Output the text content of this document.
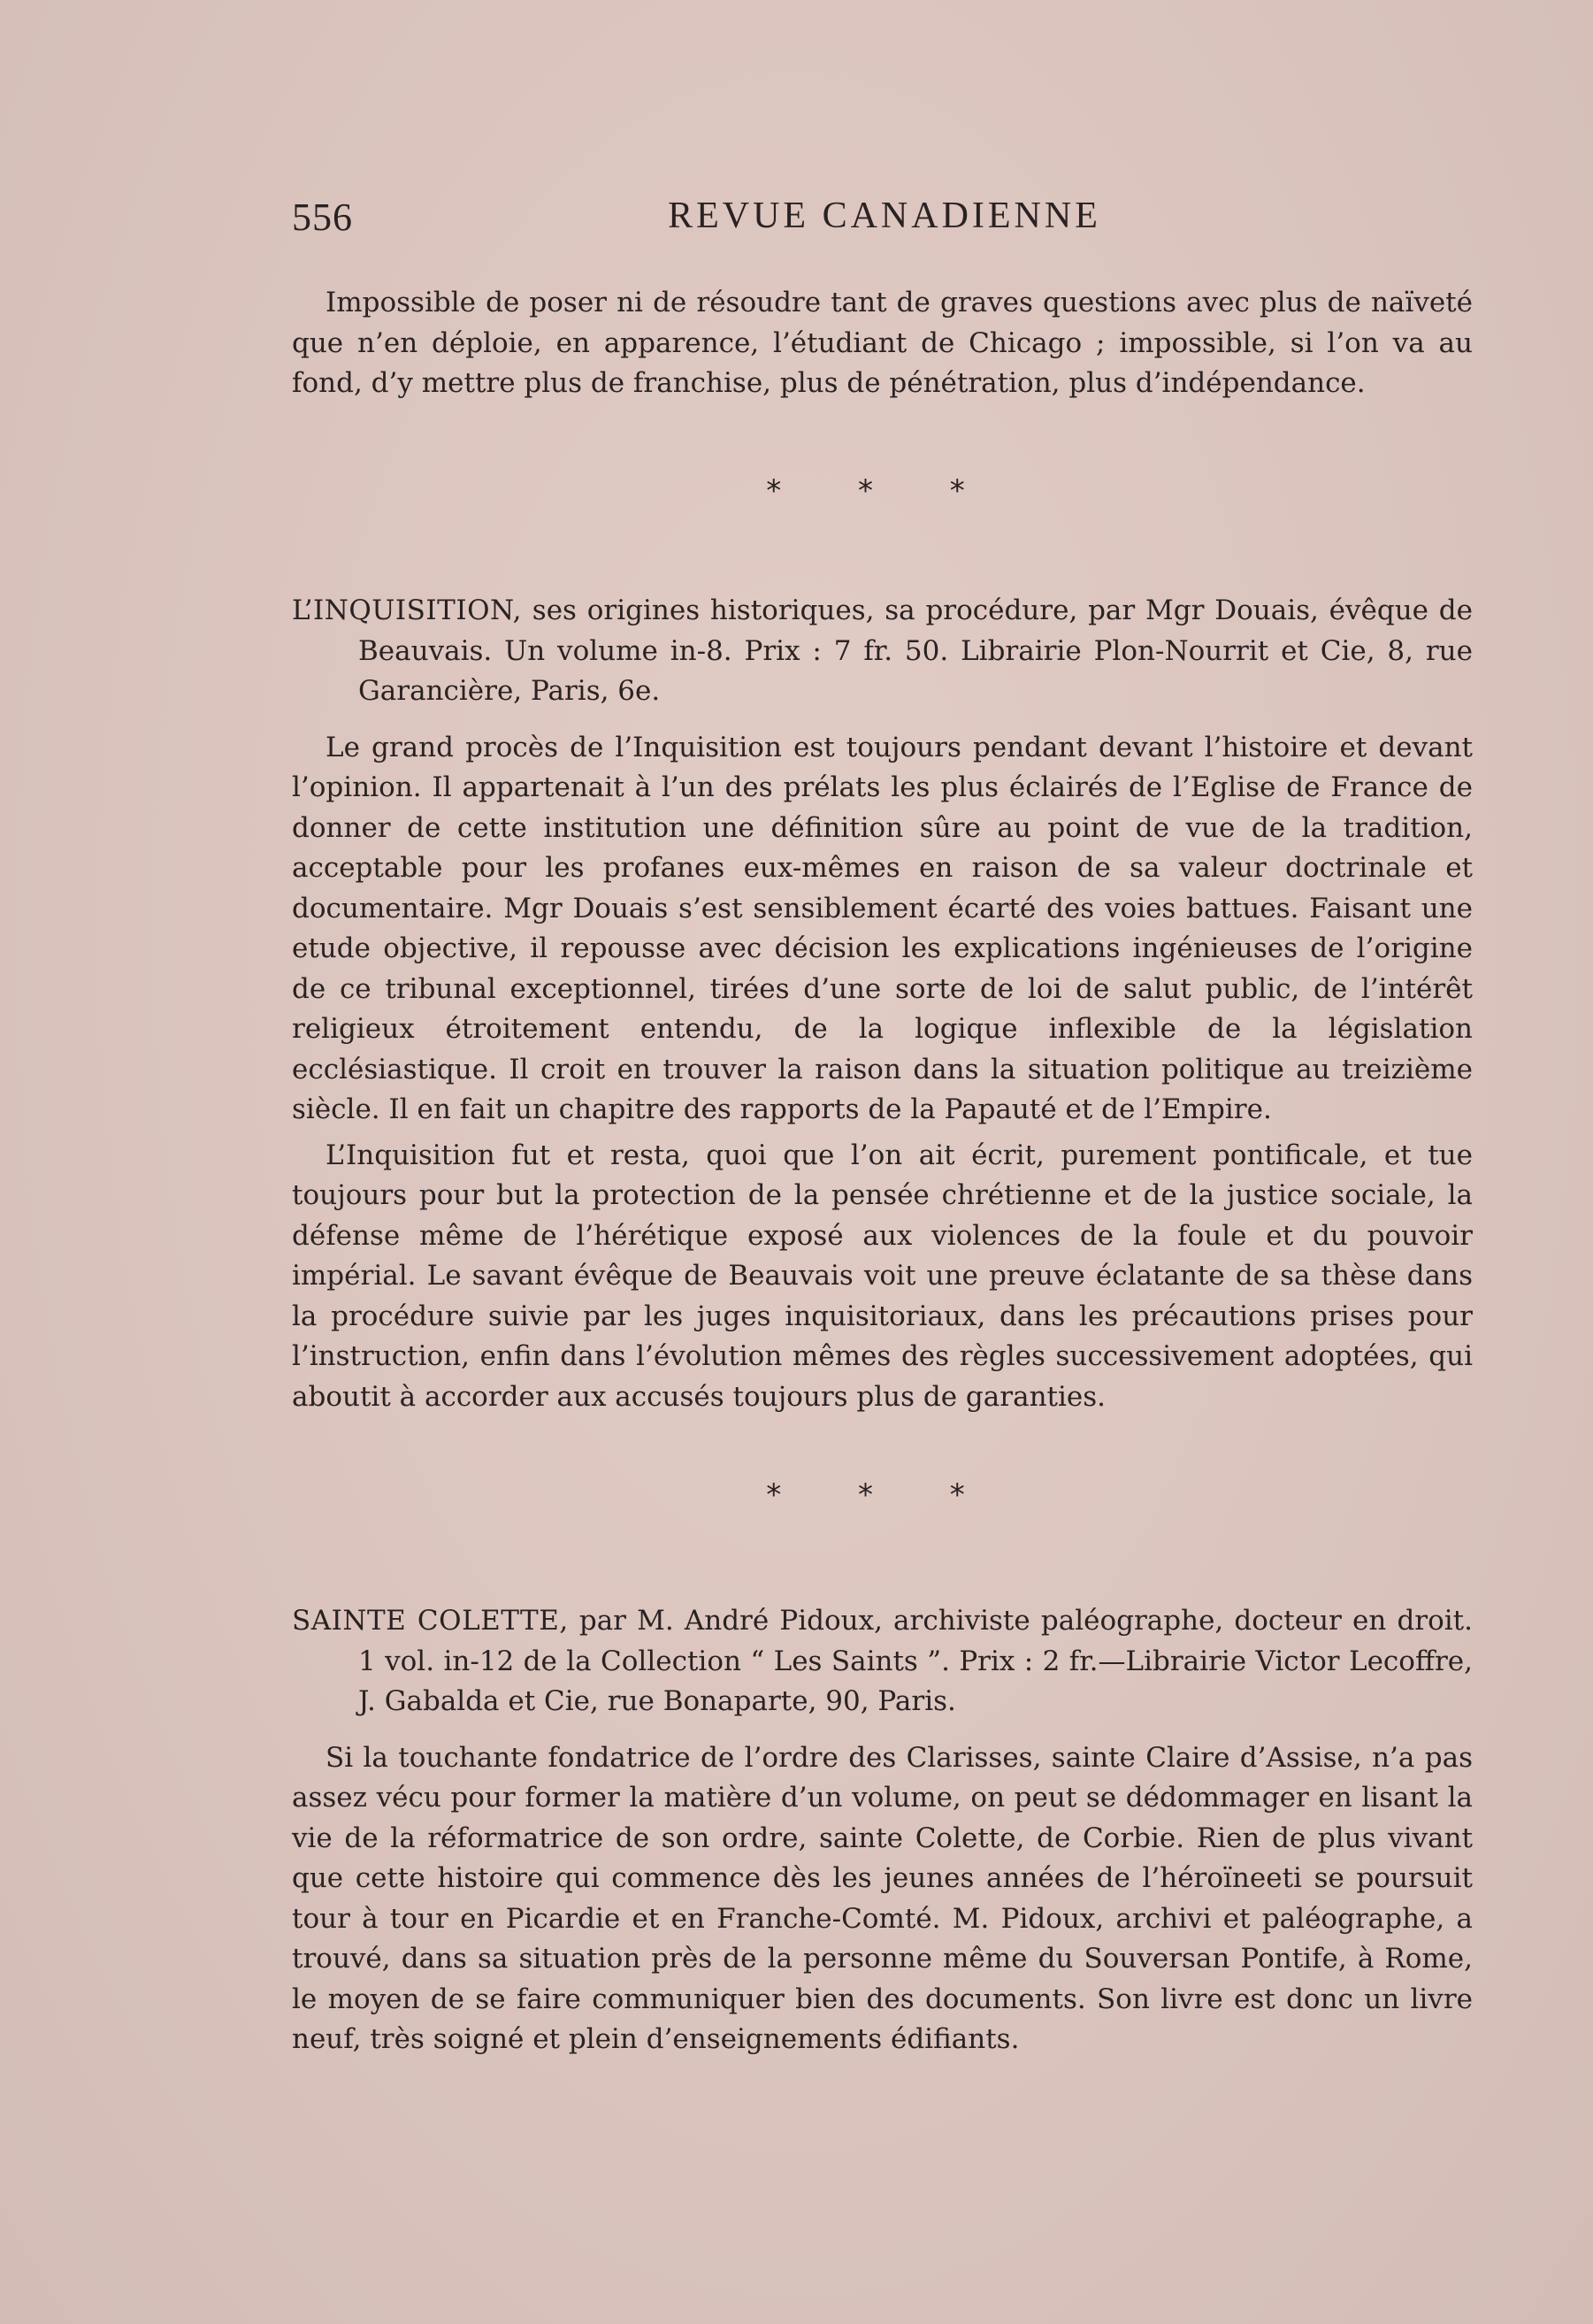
556	REVUE CANADIENNE

Impossible de poser ni de résoudre tant de graves questions avec plus de naïveté que n’en déploie, en apparence, l’étudiant de Chicago ; impossible, si l’on va au fond, d’y mettre plus de franchise, plus de pénétration, plus d’indépendance.

* * *

L’INQUISITION, ses origines historiques, sa procédure, par Mgr Douais, évêque de Beauvais. Un volume in-8. Prix : 7 fr. 50. Librairie Plon-Nourrit et Cie, 8, rue Garancière, Paris, 6e.

Le grand procès de l’Inquisition est toujours pendant devant l’histoire et devant l’opinion. Il appartenait à l’un des prélats les plus éclairés de l’Eglise de France de donner de cette institution une définition sûre au point de vue de la tradition, acceptable pour les profanes eux-mêmes en raison de sa valeur doctrinale et documentaire. Mgr Douais s’est sensiblement écarté des voies battues. Faisant une etude objective, il repousse avec décision les explications ingénieuses de l’origine de ce tribunal exceptionnel, tirées d’une sorte de loi de salut public, de l’intérêt religieux étroitement entendu, de la logique inflexible de la législation ecclésiastique. Il croit en trouver la raison dans la situation politique au treizième siècle. Il en fait un chapitre des rapports de la Papauté et de l’Empire.

L’Inquisition fut et resta, quoi que l’on ait écrit, purement pontificale, et tue toujours pour but la protection de la pensée chrétienne et de la justice sociale, la défense même de l’hérétique exposé aux violences de la foule et du pouvoir impérial. Le savant évêque de Beauvais voit une preuve éclatante de sa thèse dans la procédure suivie par les juges inquisitoriaux, dans les précautions prises pour l’instruction, enfin dans l’évolution mêmes des règles successivement adoptées, qui aboutit à accorder aux accusés toujours plus de garanties.

* * *

SAINTE COLETTE, par M. André Pidoux, archiviste paléographe, docteur en droit. 1 vol. in-12 de la Collection “ Les Saints ”. Prix : 2 fr.—Librairie Victor Lecoffre, J. Gabalda et Cie, rue Bonaparte, 90, Paris.

Si la touchante fondatrice de l’ordre des Clarisses, sainte Claire d’Assise, n’a pas assez vécu pour former la matière d’un volume, on peut se dédommager en lisant la vie de la réformatrice de son ordre, sainte Colette, de Corbie. Rien de plus vivant que cette histoire qui commence dès les jeunes années de l’héroïneeti se poursuit tour à tour en Picardie et en Franche-Comté. M. Pidoux, archivi et paléographe, a trouvé, dans sa situation près de la personne même du Souversan Pontife, à Rome, le moyen de se faire communiquer bien des documents. Son livre est donc un livre neuf, très soigné et plein d’enseignements édifiants.
